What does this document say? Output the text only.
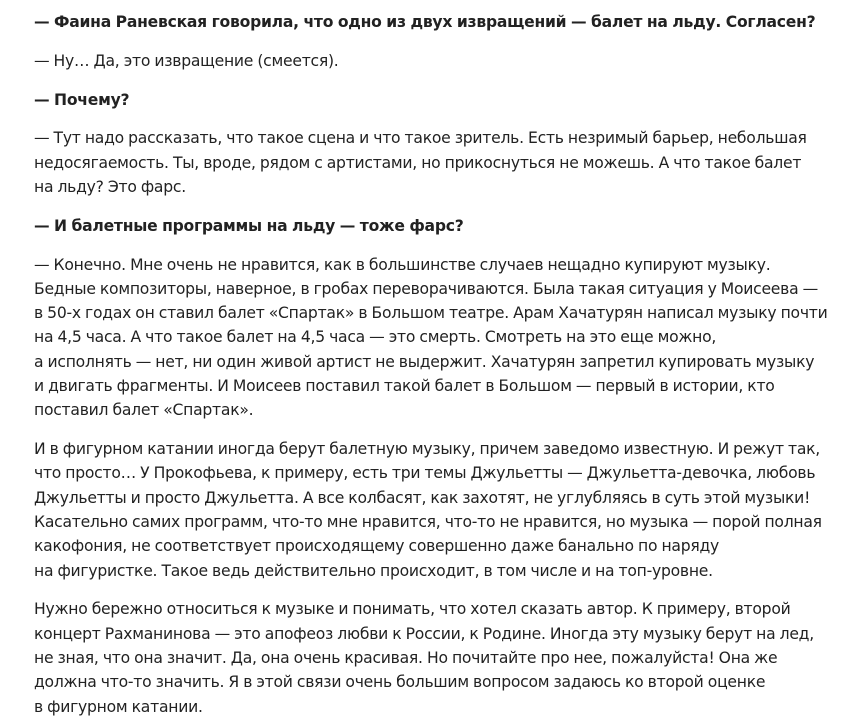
— Фаина Раневская говорила, что одно из двух извращений — балет на льду. Согласен?

— Ну… Да, это извращение (смеется).

— Почему?

— Тут надо рассказать, что такое сцена и что такое зритель. Есть незримый барьер, небольшая
недосягаемость. Ты, вроде, рядом с артистами, но прикоснуться не можешь. А что такое балет
на льду? Это фарс.

— И балетные программы на льду — тоже фарс?

— Конечно. Мне очень не нравится, как в большинстве случаев нещадно купируют музыку.
Бедные композиторы, наверное, в гробах переворачиваются. Была такая ситуация у Моисеева —
в 50-х годах он ставил балет «Спартак» в Большом театре. Арам Хачатурян написал музыку почти
на 4,5 часа. А что такое балет на 4,5 часа — это смерть. Смотреть на это еще можно,
а исполнять — нет, ни один живой артист не выдержит. Хачатурян запретил купировать музыку
и двигать фрагменты. И Моисеев поставил такой балет в Большом — первый в истории, кто
поставил балет «Спартак».

И в фигурном катании иногда берут балетную музыку, причем заведомо известную. И режут так,
что просто… У Прокофьева, к примеру, есть три темы Джульетты — Джульетта-девочка, любовь
Джульетты и просто Джульетта. А все колбасят, как захотят, не углубляясь в суть этой музыки!
Касательно самих программ, что-то мне нравится, что-то не нравится, но музыка — порой полная
какофония, не соответствует происходящему совершенно даже банально по наряду
на фигуристке. Такое ведь действительно происходит, в том числе и на топ-уровне.

Нужно бережно относиться к музыке и понимать, что хотел сказать автор. К примеру, второй
концерт Рахманинова — это апофеоз любви к России, к Родине. Иногда эту музыку берут на лед,
не зная, что она значит. Да, она очень красивая. Но почитайте про нее, пожалуйста! Она же
должна что-то значить. Я в этой связи очень большим вопросом задаюсь ко второй оценке
в фигурном катании.
